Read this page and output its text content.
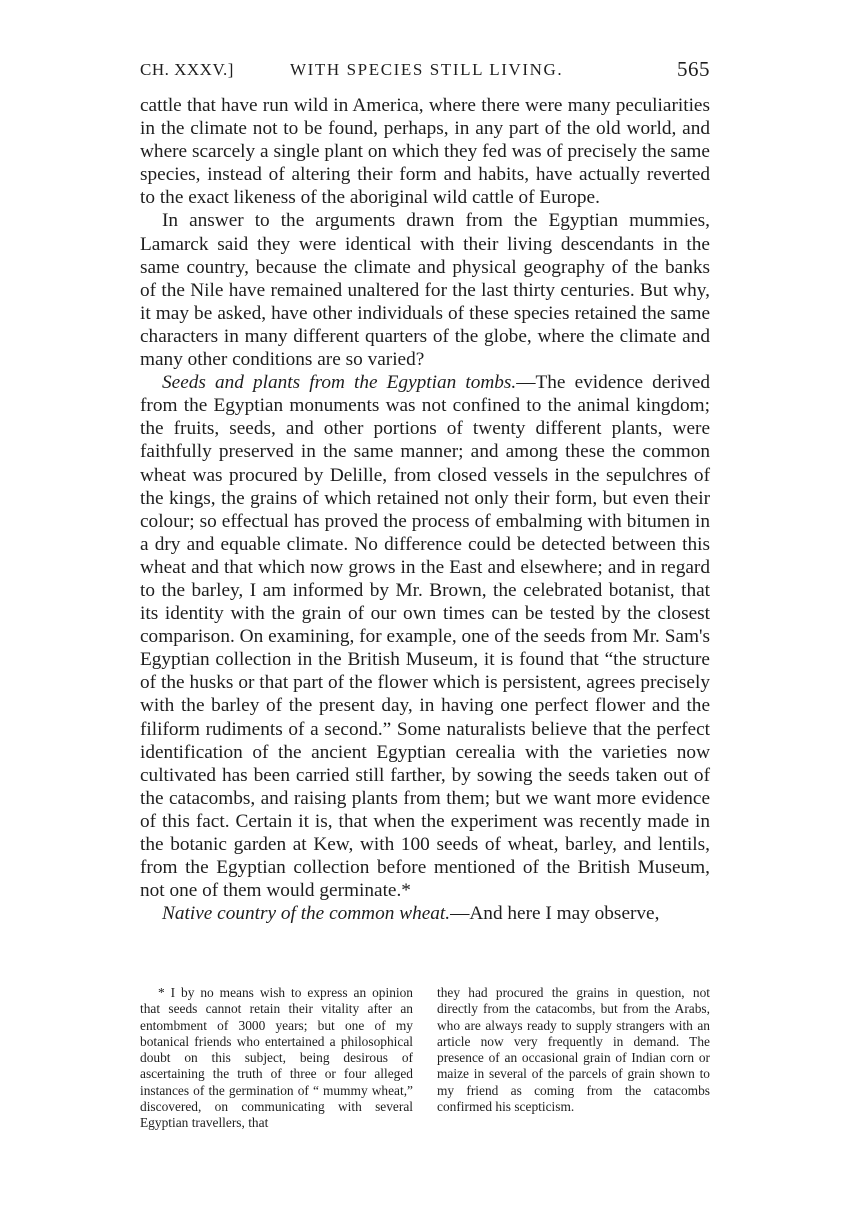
CH. XXXV.]	WITH SPECIES STILL LIVING.	565

cattle that have run wild in America, where there were many peculiarities in the climate not to be found, perhaps, in any part of the old world, and where scarcely a single plant on which they fed was of precisely the same species, instead of altering their form and habits, have actually reverted to the exact likeness of the aboriginal wild cattle of Europe.

In answer to the arguments drawn from the Egyptian mummies, Lamarck said they were identical with their living descendants in the same country, because the climate and physical geography of the banks of the Nile have remained unaltered for the last thirty centuries. But why, it may be asked, have other individuals of these species retained the same characters in many different quarters of the globe, where the climate and many other conditions are so varied?

Seeds and plants from the Egyptian tombs.—The evidence derived from the Egyptian monuments was not confined to the animal kingdom; the fruits, seeds, and other portions of twenty different plants, were faithfully preserved in the same manner; and among these the common wheat was procured by Delille, from closed vessels in the sepulchres of the kings, the grains of which retained not only their form, but even their colour; so effectual has proved the process of embalming with bitumen in a dry and equable climate. No difference could be detected between this wheat and that which now grows in the East and elsewhere; and in regard to the barley, I am informed by Mr. Brown, the celebrated botanist, that its identity with the grain of our own times can be tested by the closest comparison. On examining, for example, one of the seeds from Mr. Sam's Egyptian collection in the British Museum, it is found that “the structure of the husks or that part of the flower which is persistent, agrees precisely with the barley of the present day, in having one perfect flower and the filiform rudiments of a second.” Some naturalists believe that the perfect identification of the ancient Egyptian cerealia with the varieties now cultivated has been carried still farther, by sowing the seeds taken out of the catacombs, and raising plants from them; but we want more evidence of this fact. Certain it is, that when the experiment was recently made in the botanic garden at Kew, with 100 seeds of wheat, barley, and lentils, from the Egyptian collection before mentioned of the British Museum, not one of them would germinate.*

Native country of the common wheat.—And here I may observe,

* I by no means wish to express an opinion that seeds cannot retain their vitality after an entombment of 3000 years; but one of my botanical friends who entertained a philosophical doubt on this subject, being desirous of ascertaining the truth of three or four alleged instances of the germination of “ mummy wheat,” discovered, on communicating with several Egyptian travellers, that
they had procured the grains in question, not directly from the catacombs, but from the Arabs, who are always ready to supply strangers with an article now very frequently in demand. The presence of an occasional grain of Indian corn or maize in several of the parcels of grain shown to my friend as coming from the catacombs confirmed his scepticism.
